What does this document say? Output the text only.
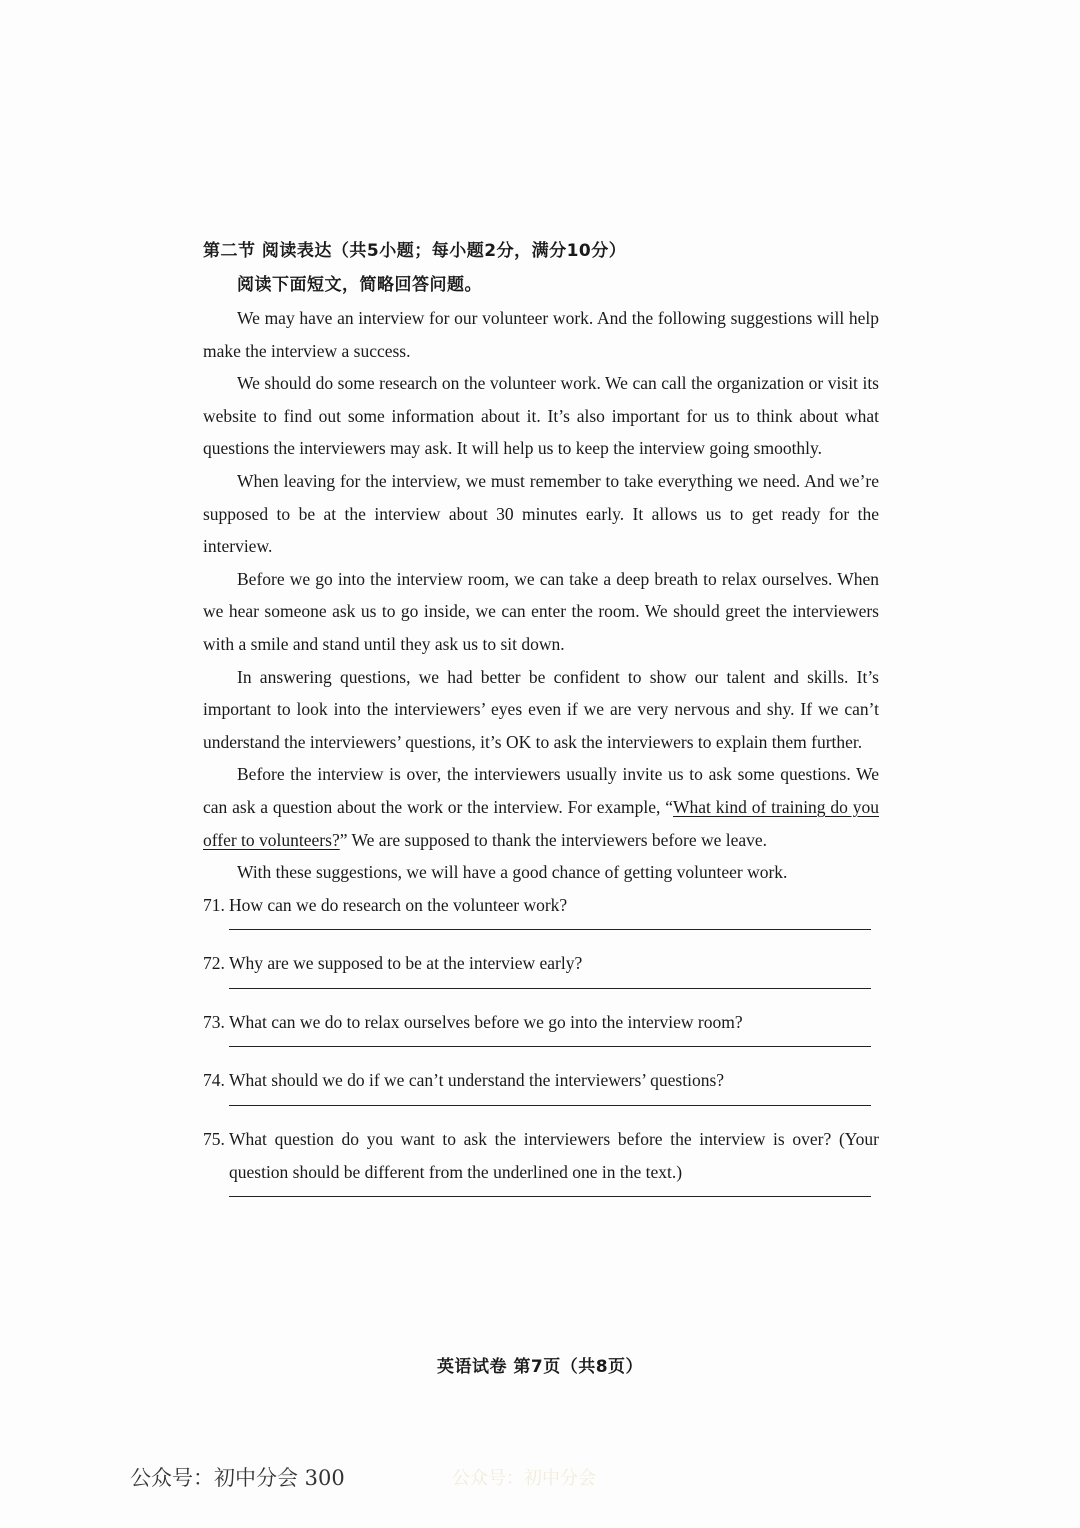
第二节 阅读表达（共5小题；每小题2分，满分10分）

阅读下面短文，简略回答问题。

We may have an interview for our volunteer work. And the following suggestions will help make the interview a success.

We should do some research on the volunteer work. We can call the organization or visit its website to find out some information about it. It’s also important for us to think about what questions the interviewers may ask. It will help us to keep the interview going smoothly.

When leaving for the interview, we must remember to take everything we need. And we’re supposed to be at the interview about 30 minutes early. It allows us to get ready for the interview.

Before we go into the interview room, we can take a deep breath to relax ourselves. When we hear someone ask us to go inside, we can enter the room. We should greet the interviewers with a smile and stand until they ask us to sit down.

In answering questions, we had better be confident to show our talent and skills. It’s important to look into the interviewers’ eyes even if we are very nervous and shy. If we can’t understand the interviewers’ questions, it’s OK to ask the interviewers to explain them further.

Before the interview is over, the interviewers usually invite us to ask some questions. We can ask a question about the work or the interview. For example, “What kind of training do you offer to volunteers?” We are supposed to thank the interviewers before we leave.

With these suggestions, we will have a good chance of getting volunteer work.

71. How can we do research on the volunteer work?
72. Why are we supposed to be at the interview early?
73. What can we do to relax ourselves before we go into the interview room?
74. What should we do if we can’t understand the interviewers’ questions?
75. What question do you want to ask the interviewers before the interview is over? (Your question should be different from the underlined one in the text.)
英语试卷 第7页（共8页）
公众号：初中分会 300	公众号：初中分会
